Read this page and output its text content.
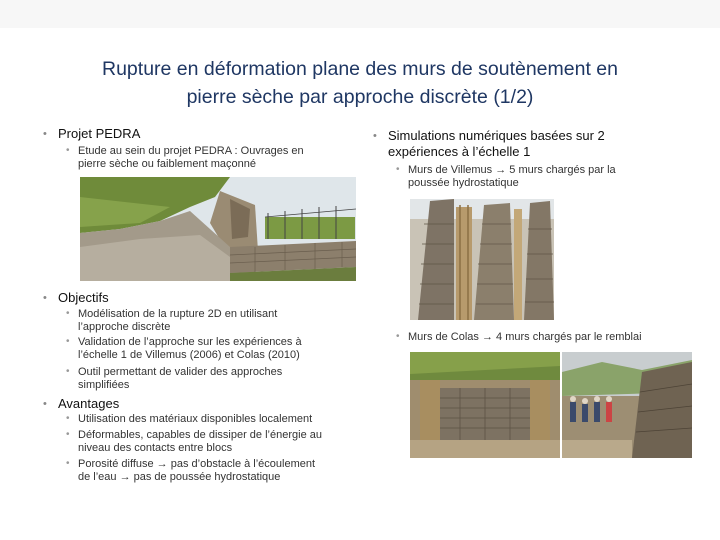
Rupture en déformation plane des murs de soutènement en
pierre sèche par approche discrète (1/2)
• Projet PEDRA
• Etude au sein du projet PEDRA : Ouvrages en
pierre sèche ou faiblement maçonné
• Objectifs
• Modélisation de la rupture 2D en utilisant
l’approche discrète
• Validation de l’approche sur les expériences à
l’échelle 1 de Villemus (2006) et Colas (2010)
• Outil permettant de valider des approches
simplifiées
• Avantages
• Utilisation des matériaux disponibles localement
• Déformables, capables de dissiper de l’énergie au
niveau des contacts entre blocs
• Porosité diffuse → pas d’obstacle à l’écoulement
de l’eau → pas de poussée hydrostatique
• Simulations numériques basées sur 2
expériences à l’échelle 1
• Murs de Villemus → 5 murs chargés par la
poussée hydrostatique
• Murs de Colas → 4 murs chargés par le remblai
